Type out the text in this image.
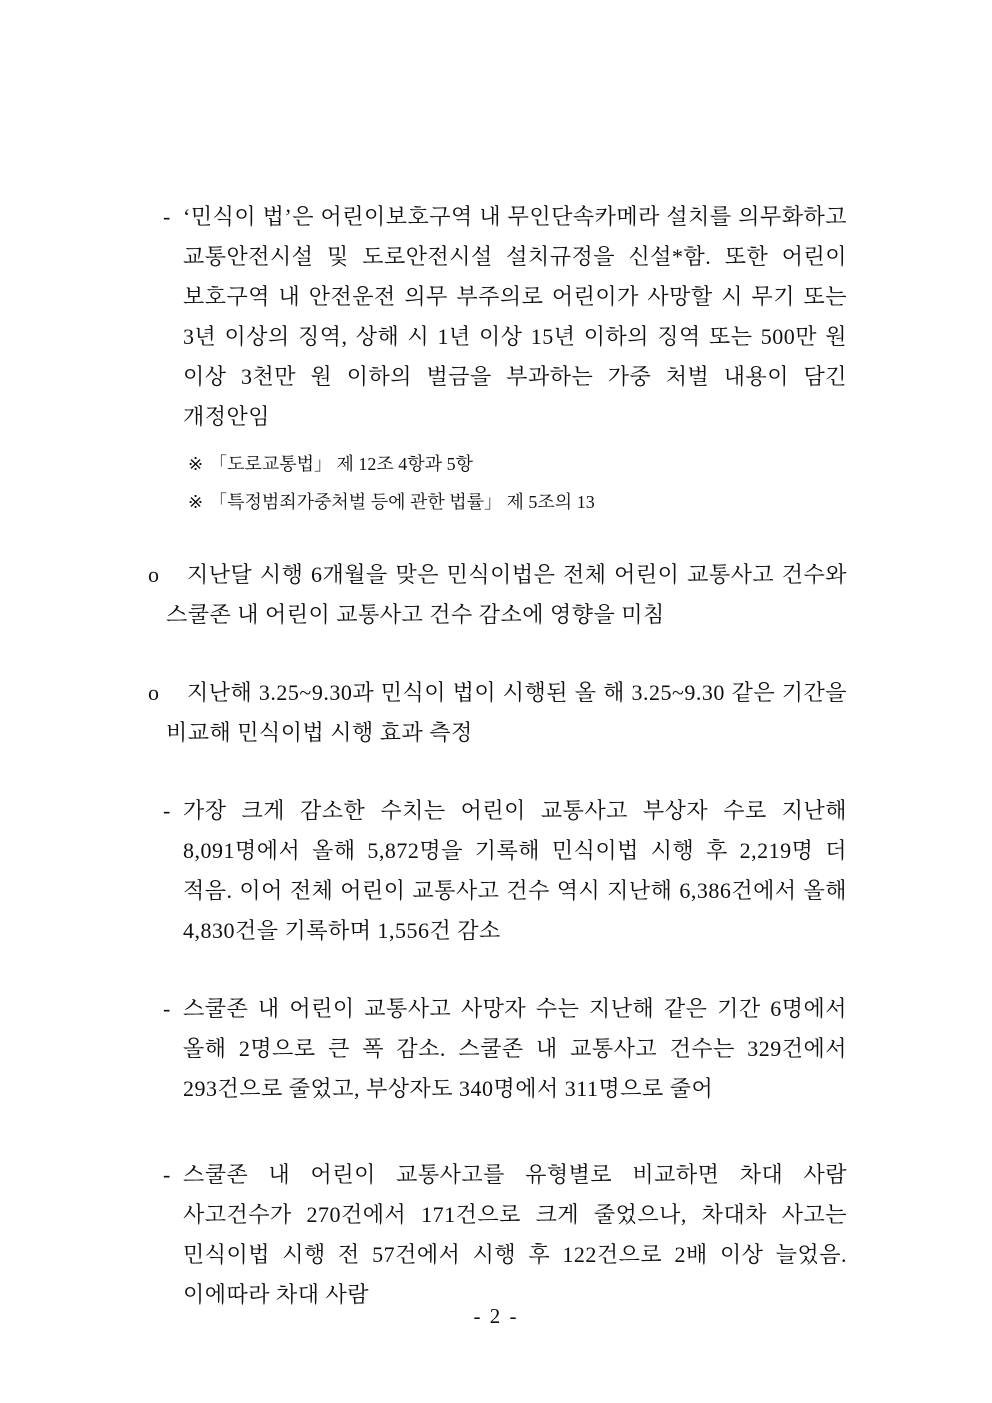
- ‘민식이 법’은 어린이보호구역 내 무인단속카메라 설치를 의무화하고 교통안전시설 및 도로안전시설 설치규정을 신설*함. 또한 어린이 보호구역 내 안전운전 의무 부주의로 어린이가 사망할 시 무기 또는 3년 이상의 징역, 상해 시 1년 이상 15년 이하의 징역 또는 500만 원 이상 3천만 원 이하의 벌금을 부과하는 가중 처벌 내용이 담긴 개정안임
※ 「도로교통법」 제 12조 4항과 5항
※ 「특정범죄가중처벌 등에 관한 법률」 제 5조의 13
o 지난달 시행 6개월을 맞은 민식이법은 전체 어린이 교통사고 건수와 스쿨존 내 어린이 교통사고 건수 감소에 영향을 미침
o 지난해 3.25~9.30과 민식이 법이 시행된 올 해 3.25~9.30 같은 기간을 비교해 민식이법 시행 효과 측정
- 가장 크게 감소한 수치는 어린이 교통사고 부상자 수로 지난해 8,091명에서 올해 5,872명을 기록해 민식이법 시행 후 2,219명 더 적음. 이어 전체 어린이 교통사고 건수 역시 지난해 6,386건에서 올해 4,830건을 기록하며 1,556건 감소
- 스쿨존 내 어린이 교통사고 사망자 수는 지난해 같은 기간 6명에서 올해 2명으로 큰 폭 감소. 스쿨존 내 교통사고 건수는 329건에서 293건으로 줄었고, 부상자도 340명에서 311명으로 줄어
- 스쿨존 내 어린이 교통사고를 유형별로 비교하면 차대 사람 사고건수가 270건에서 171건으로 크게 줄었으나, 차대차 사고는 민식이법 시행 전 57건에서 시행 후 122건으로 2배 이상 늘었음. 이에따라 차대 사람
- 2 -
